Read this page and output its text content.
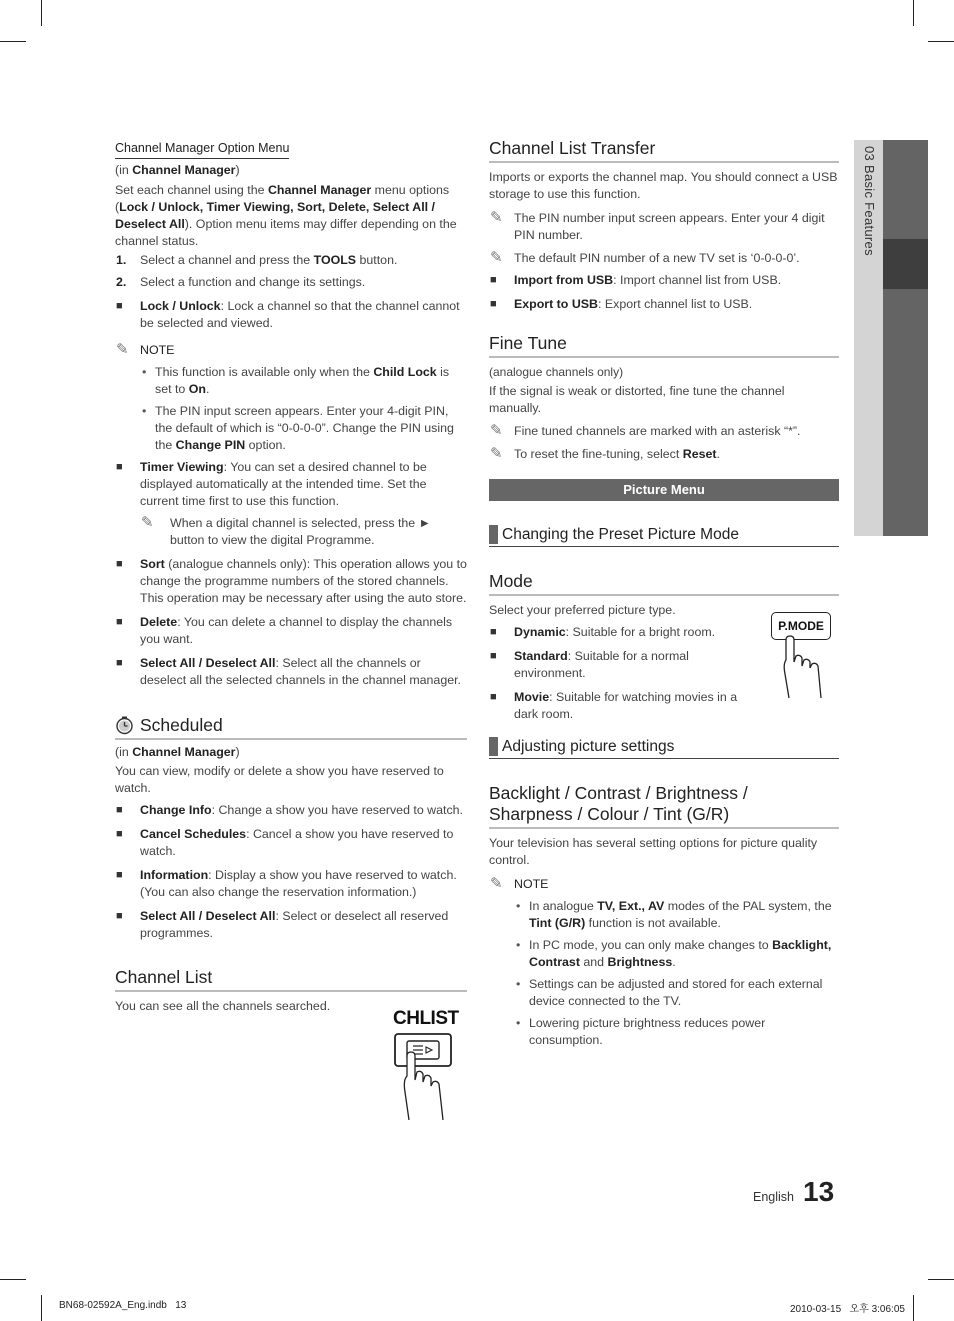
03 Basic Features
Channel Manager Option Menu

(in Channel Manager)

Set each channel using the Channel Manager menu options (Lock / Unlock, Timer Viewing, Sort, Delete, Select All / Deselect All). Option menu items may differ depending on the channel status.

1. Select a channel and press the TOOLS button.
2. Select a function and change its settings.
■ Lock / Unlock: Lock a channel so that the channel cannot be selected and viewed.
✎ NOTE
• This function is available only when the Child Lock is set to On.
• The PIN input screen appears. Enter your 4-digit PIN, the default of which is “0-0-0-0”. Change the PIN using the Change PIN option.
■ Timer Viewing: You can set a desired channel to be displayed automatically at the intended time. Set the current time first to use this function.
✎ When a digital channel is selected, press the ► button to view the digital Programme.
■ Sort (analogue channels only): This operation allows you to change the programme numbers of the stored channels. This operation may be necessary after using the auto store.
■ Delete: You can delete a channel to display the channels you want.
■ Select All / Deselect All: Select all the channels or deselect all the selected channels in the channel manager.
Scheduled

(in Channel Manager)

You can view, modify or delete a show you have reserved to watch.

■ Change Info: Change a show you have reserved to watch.
■ Cancel Schedules: Cancel a show you have reserved to watch.
■ Information: Display a show you have reserved to watch. (You can also change the reservation information.)
■ Select All / Deselect All: Select or deselect all reserved programmes.
Channel List

You can see all the channels searched.

CHLIST
Channel List Transfer

Imports or exports the channel map. You should connect a USB storage to use this function.

✎ The PIN number input screen appears. Enter your 4 digit PIN number.
✎ The default PIN number of a new TV set is ‘0-0-0-0’.
■ Import from USB: Import channel list from USB.
■ Export to USB: Export channel list to USB.
Fine Tune

(analogue channels only)

If the signal is weak or distorted, fine tune the channel manually.

✎ Fine tuned channels are marked with an asterisk “*”.
✎ To reset the fine-tuning, select Reset.
Picture Menu
Changing the Preset Picture Mode
Mode

Select your preferred picture type.

■ Dynamic: Suitable for a bright room.
■ Standard: Suitable for a normal environment.
■ Movie: Suitable for watching movies in a dark room.
P.MODE
Adjusting picture settings
Backlight / Contrast / Brightness /
Sharpness / Colour / Tint (G/R)

Your television has several setting options for picture quality control.

✎ NOTE
• In analogue TV, Ext., AV modes of the PAL system, the Tint (G/R) function is not available.
• In PC mode, you can only make changes to Backlight, Contrast and Brightness.
• Settings can be adjusted and stored for each external device connected to the TV.
• Lowering picture brightness reduces power consumption.
English 13
BN68-02592A_Eng.indb   13	2010-03-15   오후 3:06:05
